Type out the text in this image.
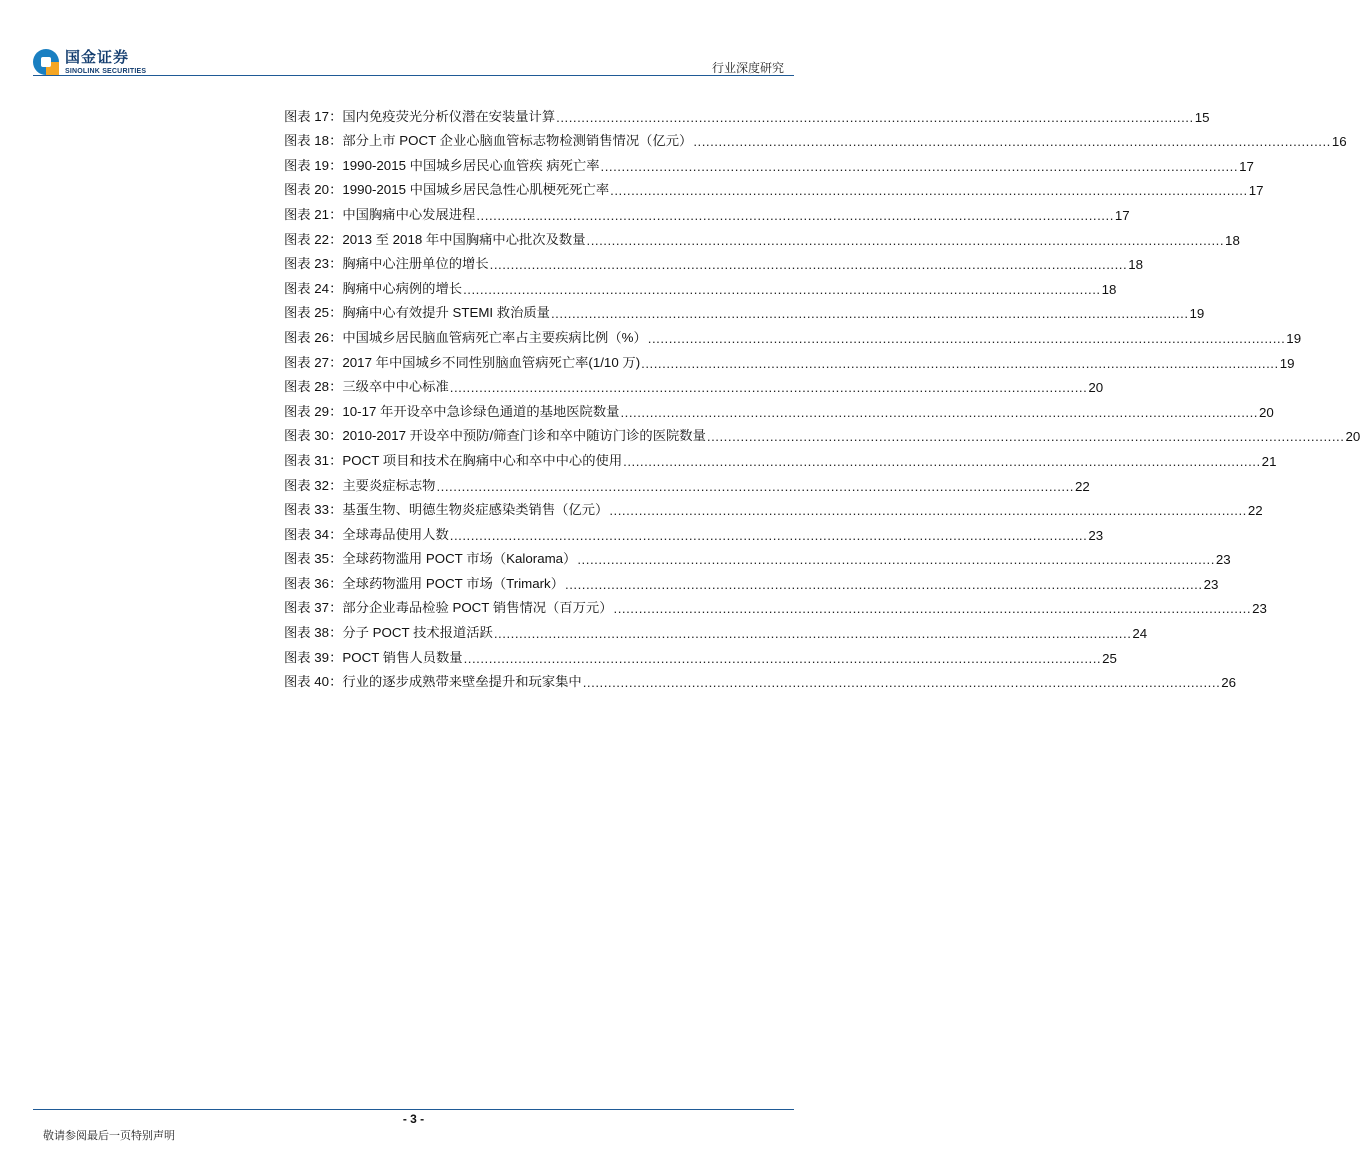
国金证券
SINOLINK SECURITIES	行业深度研究
图表 17： 国内免疫荧光分析仪潜在安装量计算 .....	15
图表 18： 部分上市 POCT 企业心脑血管标志物检测销售情况（亿元） .....	16
图表 19： 1990-2015 中国城乡居民心血管疾 病死亡率 .....	17
图表 20： 1990-2015 中国城乡居民急性心肌梗死死亡率 .....	17
图表 21： 中国胸痛中心发展进程 .....	17
图表 22： 2013 至 2018 年中国胸痛中心批次及数量 .....	18
图表 23： 胸痛中心注册单位的增长 .....	18
图表 24： 胸痛中心病例的增长 .....	18
图表 25： 胸痛中心有效提升 STEMI 救治质量 .....	19
图表 26： 中国城乡居民脑血管病死亡率占主要疾病比例（%） .....	19
图表 27： 2017 年中国城乡不同性别脑血管病死亡率(1/10 万) .....	19
图表 28： 三级卒中中心标准 .....	20
图表 29： 10-17 年开设卒中急诊绿色通道的基地医院数量 .....	20
图表 30： 2010-2017 开设卒中预防/筛查门诊和卒中随访门诊的医院数量 .....	20
图表 31： POCT 项目和技术在胸痛中心和卒中中心的使用 .....	21
图表 32： 主要炎症标志物 .....	22
图表 33： 基蛋生物、明德生物炎症感染类销售（亿元） .....	22
图表 34： 全球毒品使用人数 .....	23
图表 35： 全球药物滥用 POCT 市场（Kalorama） .....	23
图表 36： 全球药物滥用 POCT 市场（Trimark） .....	23
图表 37： 部分企业毒品检验 POCT 销售情况（百万元） .....	23
图表 38： 分子 POCT 技术报道活跃 .....	24
图表 39： POCT 销售人员数量 .....	25
图表 40： 行业的逐步成熟带来壁垒提升和玩家集中 .....	26
- 3 -
敬请参阅最后一页特别声明
